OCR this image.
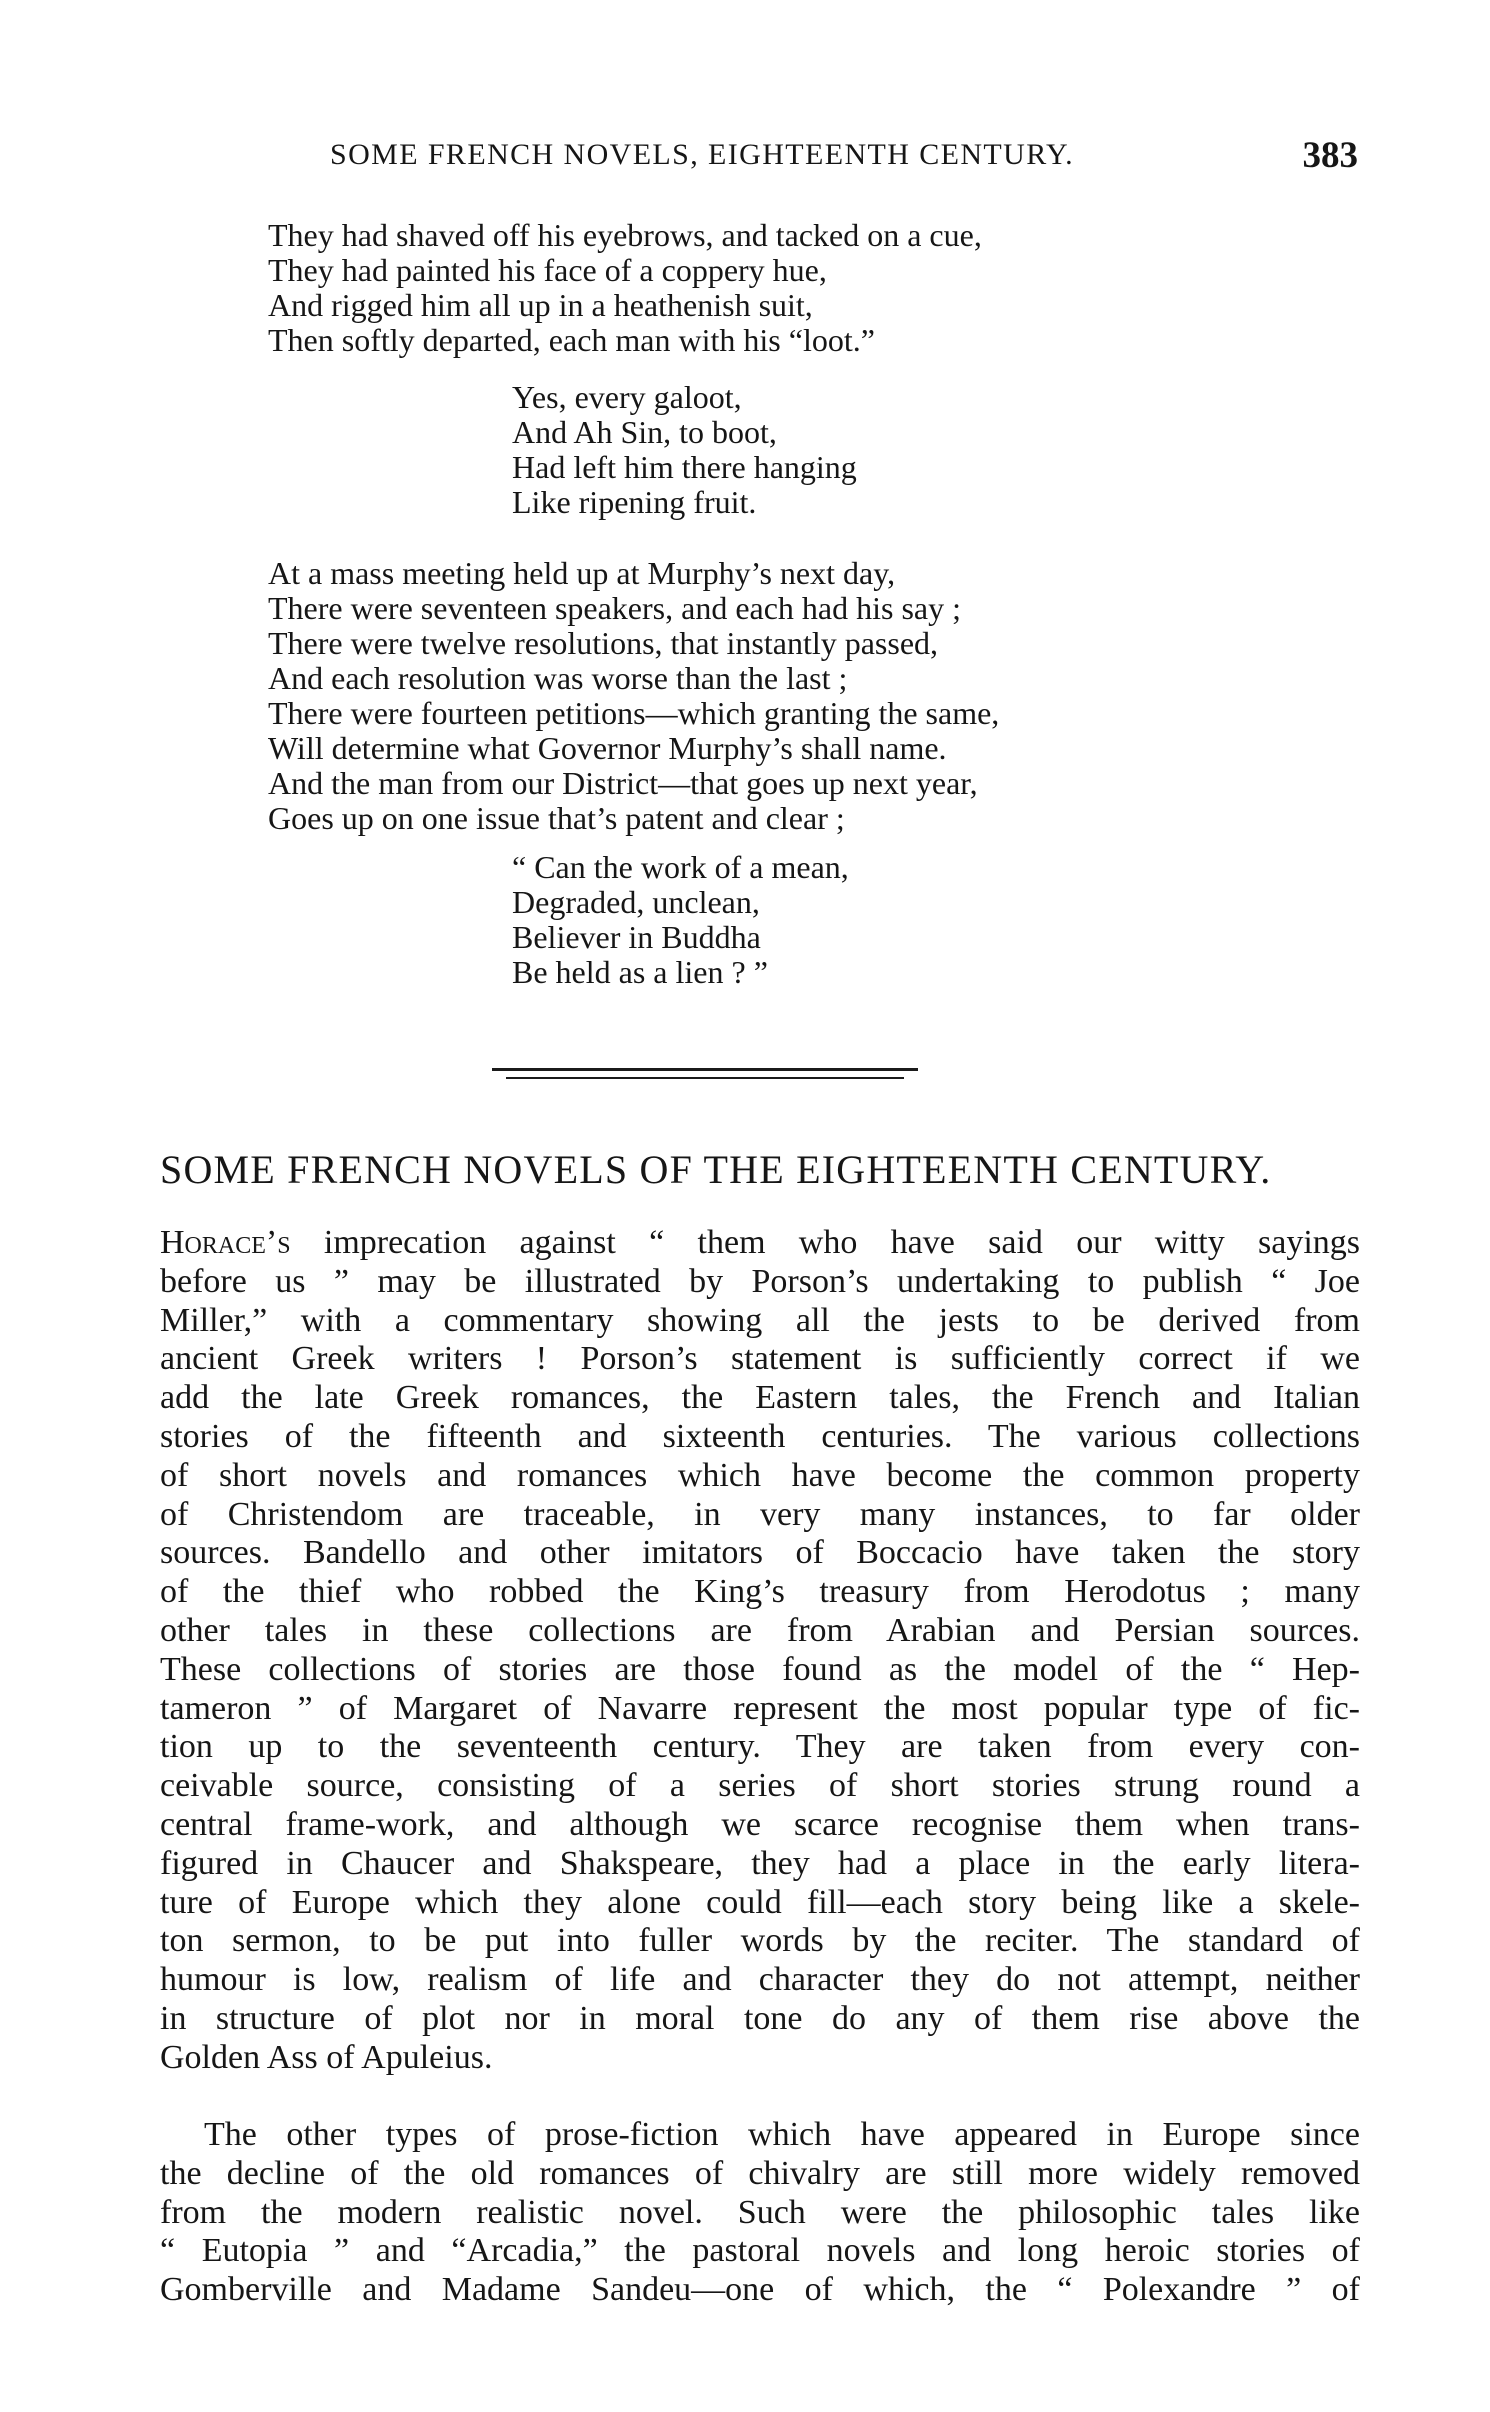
SOME FRENCH NOVELS, EIGHTEENTH CENTURY.	383
They had shaved off his eyebrows, and tacked on a cue,
They had painted his face of a coppery hue,
And rigged him all up in a heathenish suit,
Then softly departed, each man with his “loot.”
Yes, every galoot,
And Ah Sin, to boot,
Had left him there hanging
Like ripening fruit.
At a mass meeting held up at Murphy’s next day,
There were seventeen speakers, and each had his say ;
There were twelve resolutions, that instantly passed,
And each resolution was worse than the last ;
There were fourteen petitions—which granting the same,
Will determine what Governor Murphy’s shall name.
And the man from our District—that goes up next year,
Goes up on one issue that’s patent and clear ;
“ Can the work of a mean,
Degraded, unclean,
Believer in Buddha
Be held as a lien ? ”
SOME FRENCH NOVELS OF THE EIGHTEENTH CENTURY.
Horace’s imprecation against “ them who have said our witty sayings
before us ” may be illustrated by Porson’s undertaking to publish “ Joe
Miller,” with a commentary showing all the jests to be derived from
ancient Greek writers ! Porson’s statement is sufficiently correct if we
add the late Greek romances, the Eastern tales, the French and Italian
stories of the fifteenth and sixteenth centuries. The various collections
of short novels and romances which have become the common property
of Christendom are traceable, in very many instances, to far older
sources. Bandello and other imitators of Boccacio have taken the story
of the thief who robbed the King’s treasury from Herodotus ; many
other tales in these collections are from Arabian and Persian sources.
These collections of stories are those found as the model of the “ Hep-
tameron ” of Margaret of Navarre represent the most popular type of fic-
tion up to the seventeenth century. They are taken from every con-
ceivable source, consisting of a series of short stories strung round a
central frame-work, and although we scarce recognise them when trans-
figured in Chaucer and Shakspeare, they had a place in the early litera-
ture of Europe which they alone could fill—each story being like a skele-
ton sermon, to be put into fuller words by the reciter. The standard of
humour is low, realism of life and character they do not attempt, neither
in structure of plot nor in moral tone do any of them rise above the
Golden Ass of Apuleius.
The other types of prose-fiction which have appeared in Europe since
the decline of the old romances of chivalry are still more widely removed
from the modern realistic novel. Such were the philosophic tales like
“ Eutopia ” and “Arcadia,” the pastoral novels and long heroic stories of
Gomberville and Madame Sandeu—one of which, the “ Polexandre ” of
